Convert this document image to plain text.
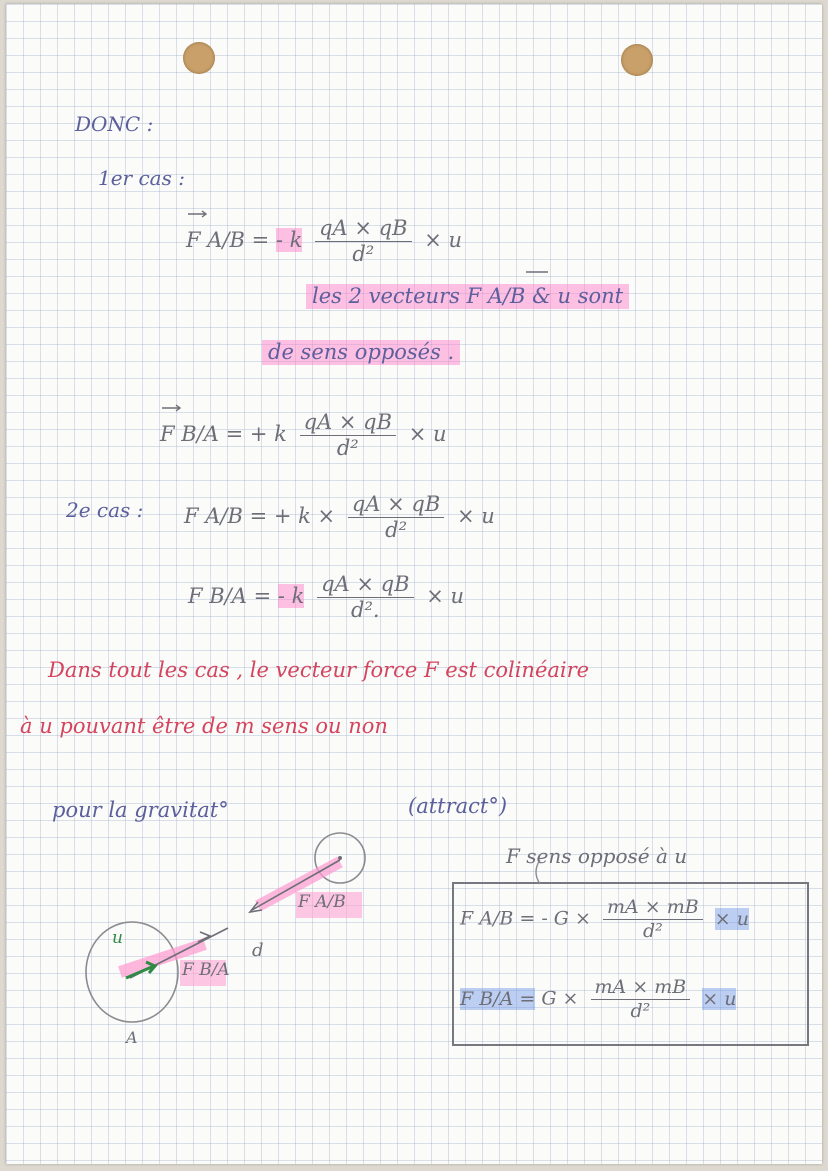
DONC :
1er cas :
F A/B = - k $\frac{qA \times qB}{\text{d²}} \times u$
les 2 vecteurs F A/B & u sont
de sens opposés .
F B/A = + k $\frac{qA \times qB}{\text{d²}} \times u$
2e cas : F A/B = + $k \times \frac{qA \times qB}{\text{d²}} \times u$
F B/A = - k $\frac{qA \times qB}{\text{d².}} \times u$
Dans tout les cas , le vecteur force F est colinéaire
à u pouvant être de m sens ou non
pour la gravitat°	(attract°)
F sens opposé à u
F A/B = - $G \times \frac{mA \times mB}{\text{d²}} \times u$
F $B/A = G \times \frac{mA \times mB}{\text{d²}} \times u$
F A/B
F B/A
u
d
A
